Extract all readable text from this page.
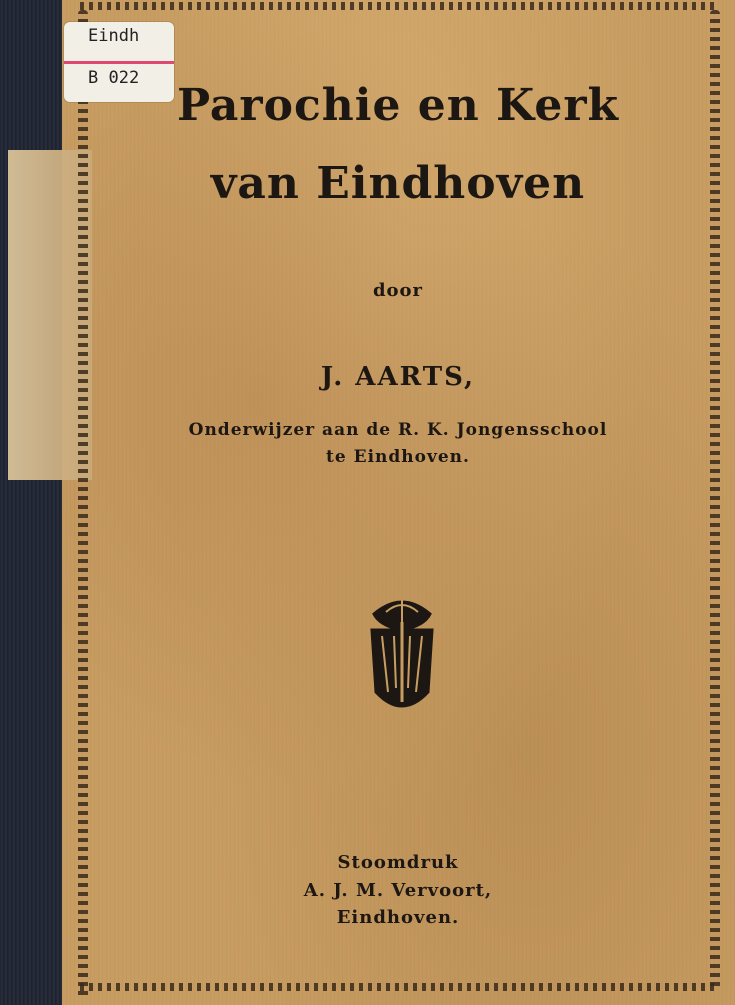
Eindh
B 022
Parochie en Kerk
van Eindhoven
door
J. AARTS,
Onderwijzer aan de R. K. Jongensschool
te Eindhoven.
Stoomdruk
A. J. M. Vervoort,
Eindhoven.
